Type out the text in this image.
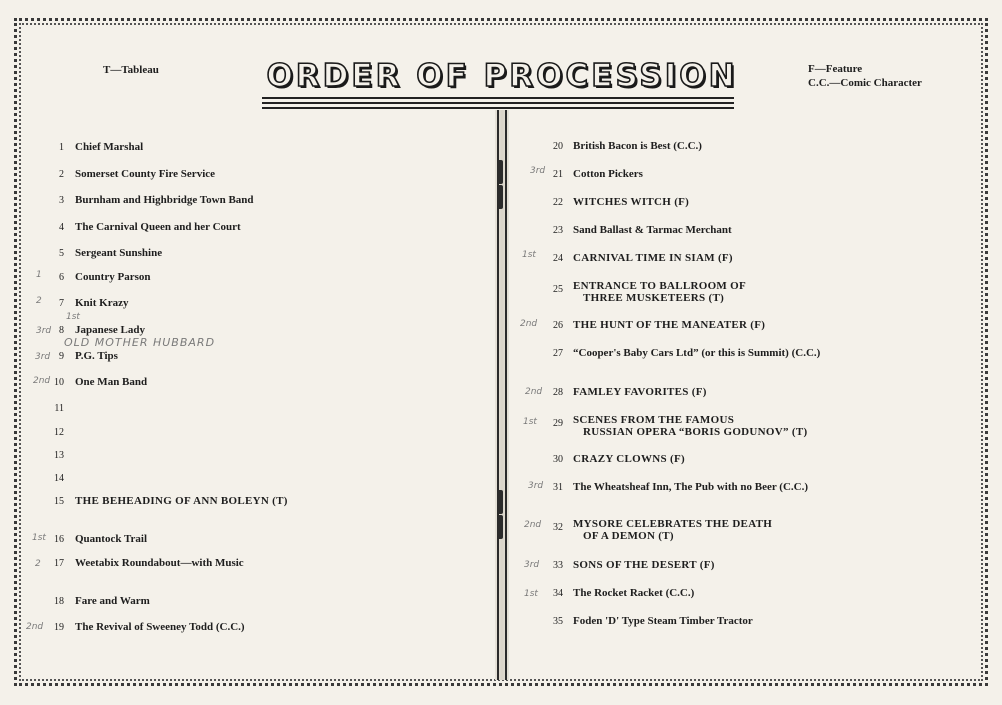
T—Tableau	F—Feature
C.C.—Comic Character
ORDER OF PROCESSION
1 Chief Marshal
2 Somerset County Fire Service
3 Burnham and Highbridge Town Band
4 The Carnival Queen and her Court
5 Sergeant Sunshine
6 Country Parson
7 Knit Krazy
8 Japanese Lady
9 P.G. Tips
10 One Man Band
11
12
13
14
15 THE BEHEADING OF ANN BOLEYN (T)
16 Quantock Trail
17 Weetabix Roundabout—with Music
18 Fare and Warm
19 The Revival of Sweeney Todd (C.C.)
20 British Bacon is Best (C.C.)
21 Cotton Pickers
22 WITCHES WITCH (F)
23 Sand Ballast & Tarmac Merchant
24 CARNIVAL TIME IN SIAM (F)
25 ENTRANCE TO BALLROOM OF
THREE MUSKETEERS (T)
26 THE HUNT OF THE MANEATER (F)
27 “Cooper's Baby Cars Ltd” (or this is Summit) (C.C.)
28 FAMLEY FAVORITES (F)
29 SCENES FROM THE FAMOUS
RUSSIAN OPERA “BORIS GODUNOV” (T)
30 CRAZY CLOWNS (F)
31 The Wheatsheaf Inn, The Pub with no Beer (C.C.)
32 MYSORE CELEBRATES THE DEATH
OF A DEMON (T)
33 SONS OF THE DESERT (F)
34 The Rocket Racket (C.C.)
35 Foden 'D' Type Steam Timber Tractor
1
2
1st
3rd
OLD MOTHER HUBBARD
3rd
2nd
1st
2
2nd
3rd
1st
2nd
2nd
1st
3rd
2nd
3rd
1st
